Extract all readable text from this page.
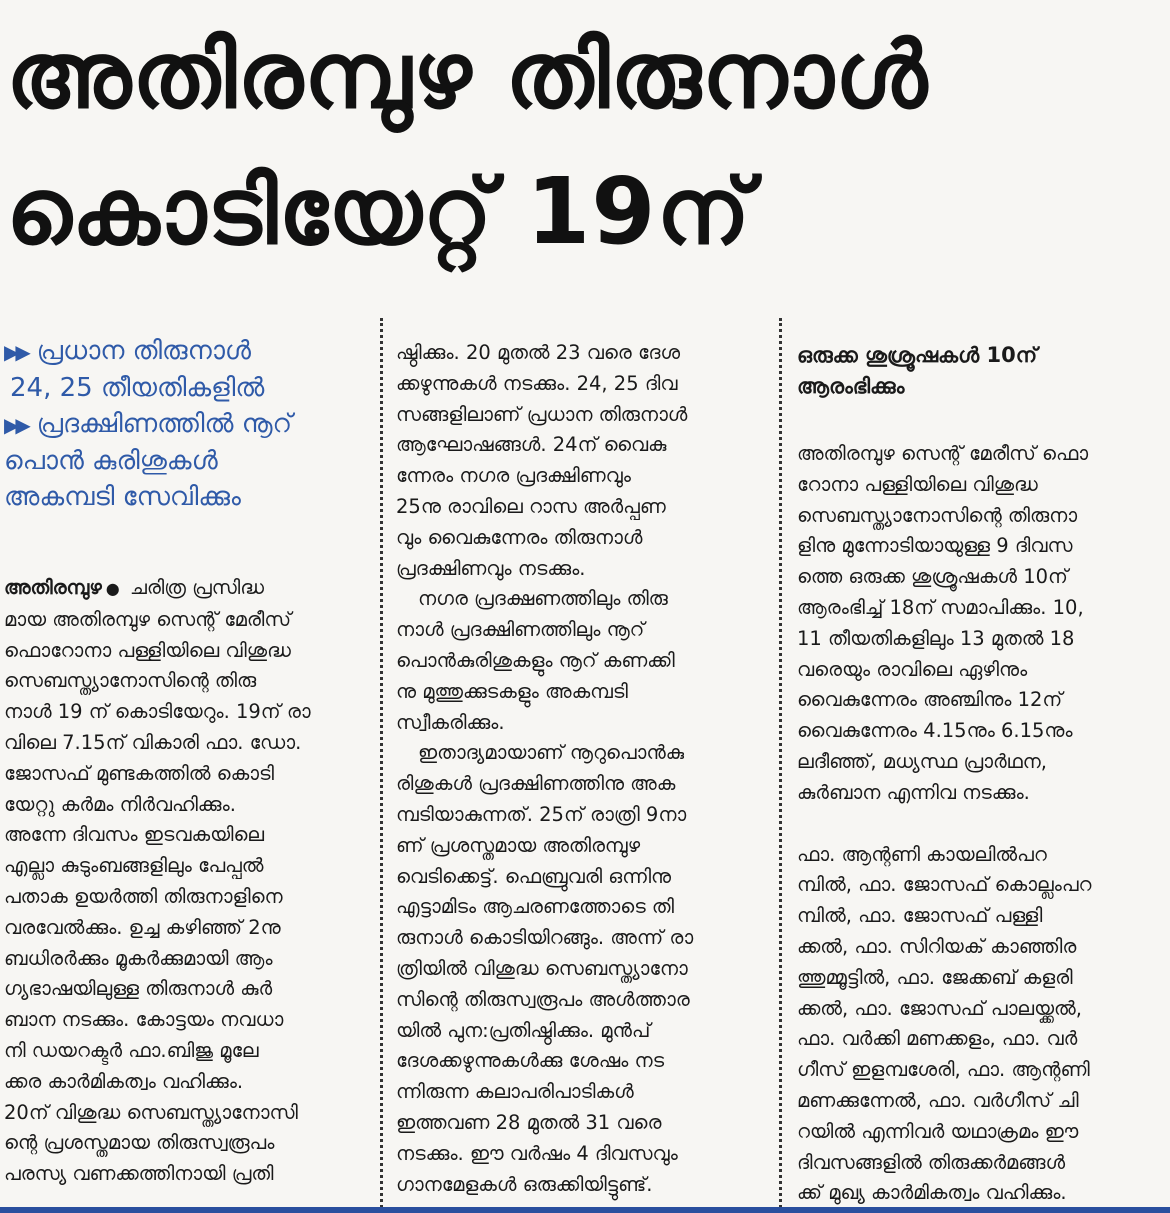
അതിരമ്പുഴ തിരുനാൾ
കൊടിയേറ്റ് 19ന്
▶▶ പ്രധാന തിരുനാൾ
24, 25 തീയതികളിൽ
▶▶ പ്രദക്ഷിണത്തിൽ നൂറ്
പൊൻ കുരിശുകൾ
അകമ്പടി സേവിക്കും
അതിരമ്പുഴ ● ചരിത്ര പ്രസിദ്ധ
മായ അതിരമ്പുഴ സെന്റ് മേരീസ്
ഫൊറോനാ പള്ളിയിലെ വിശുദ്ധ
സെബസ്ത്യാനോസിന്റെ തിരു
നാൾ 19 ന് കൊടിയേറും. 19ന് രാ
വിലെ 7.15ന് വികാരി ഫാ. ഡോ.
ജോസഫ് മുണ്ടകത്തിൽ കൊടി
യേറ്റു കർമം നിർവഹിക്കും.
അന്നേ ദിവസം ഇടവകയിലെ
എല്ലാ കുടുംബങ്ങളിലും പേപ്പൽ
പതാക ഉയർത്തി തിരുനാളിനെ
വരവേൽക്കും. ഉച്ച കഴിഞ്ഞ് 2നു
ബധിരർക്കും മൂകർക്കുമായി ആം
ഗ്യഭാഷയിലുള്ള തിരുനാൾ കുർ
ബാന നടക്കും. കോട്ടയം നവധാ
നി ഡയറക്ടർ ഫാ.ബിജു മൂലേ
ക്കര കാർമികത്വം വഹിക്കും.
20ന് വിശുദ്ധ സെബസ്ത്യാനോസി
ന്റെ പ്രശസ്തമായ തിരുസ്വരൂപം
പരസ്യ വണക്കത്തിനായി പ്രതി
ഷ്ഠിക്കും. 20 മുതൽ 23 വരെ ദേശ
ക്കഴുന്നുകൾ നടക്കും. 24, 25 ദിവ
സങ്ങളിലാണ് പ്രധാന തിരുനാൾ
ആഘോഷങ്ങൾ. 24ന് വൈകു
ന്നേരം നഗര പ്രദക്ഷിണവും
25നു രാവിലെ റാസ അർപ്പണ
വും വൈകുന്നേരം തിരുനാൾ
പ്രദക്ഷിണവും നടക്കും.
നഗര പ്രദക്ഷണത്തിലും തിരു
നാൾ പ്രദക്ഷിണത്തിലും നൂറ്
പൊൻകുരിശുകളും നൂറ് കണക്കി
നു മുത്തുക്കുടകളും അകമ്പടി
സ്വീകരിക്കും.
ഇതാദ്യമായാണ് നൂറുപൊൻകു
രിശുകൾ പ്രദക്ഷിണത്തിനു അക
മ്പടിയാകുന്നത്. 25ന് രാത്രി 9നാ
ണ് പ്രശസ്തമായ അതിരമ്പുഴ
വെടിക്കെട്ട്. ഫെബ്രുവരി ഒന്നിനു
എട്ടാമിടം ആചരണത്തോടെ തി
രുനാൾ കൊടിയിറങ്ങും. അന്ന് രാ
ത്രിയിൽ വിശുദ്ധ സെബസ്ത്യാനോ
സിന്റെ തിരുസ്വരൂപം അൾത്താര
യിൽ പുന:പ്രതിഷ്ഠിക്കും. മുൻപ്
ദേശക്കഴുന്നുകൾക്കു ശേഷം നട
ന്നിരുന്ന കലാപരിപാടികൾ
ഇത്തവണ 28 മുതൽ 31 വരെ
നടക്കും. ഈ വർഷം 4 ദിവസവും
ഗാനമേളകൾ ഒരുക്കിയിട്ടുണ്ട്.
ഒരുക്ക ശുശ്രൂഷകൾ 10ന്
ആരംഭിക്കും
അതിരമ്പുഴ സെന്റ് മേരീസ് ഫൊ
റോനാ പള്ളിയിലെ വിശുദ്ധ
സെബസ്ത്യാനോസിന്റെ തിരുനാ
ളിനു മുന്നോടിയായുള്ള 9 ദിവസ
ത്തെ ഒരുക്ക ശുശ്രൂഷകൾ 10ന്
ആരംഭിച്ച് 18ന് സമാപിക്കും. 10,
11 തീയതികളിലും 13 മുതൽ 18
വരെയും രാവിലെ ഏഴിനും
വൈകുന്നേരം അഞ്ചിനും 12ന്
വൈകുന്നേരം 4.15നും 6.15നും
ലദീഞ്ഞ്, മധ്യസ്ഥ പ്രാർഥന,
കുർബാന എന്നിവ നടക്കും.
ഫാ. ആന്റണി കായലിൽപറ
മ്പിൽ, ഫാ. ജോസഫ് കൊല്ലംപറ
മ്പിൽ, ഫാ. ജോസഫ് പള്ളി
ക്കൽ, ഫാ. സിറിയക് കാഞ്ഞിര
ത്തുമ്മൂട്ടിൽ, ഫാ. ജേക്കബ് കളരി
ക്കൽ, ഫാ. ജോസഫ് പാലയ്ക്കൽ,
ഫാ. വർക്കി മണക്കളം, ഫാ. വർ
ഗീസ് ഇളമ്പശേരി, ഫാ. ആന്റണി
മണക്കുന്നേൽ, ഫാ. വർഗീസ് ചി
റയിൽ എന്നിവർ യഥാക്രമം ഈ
ദിവസങ്ങളിൽ തിരുക്കർമങ്ങൾ
ക്ക് മുഖ്യ കാർമികത്വം വഹിക്കും.
